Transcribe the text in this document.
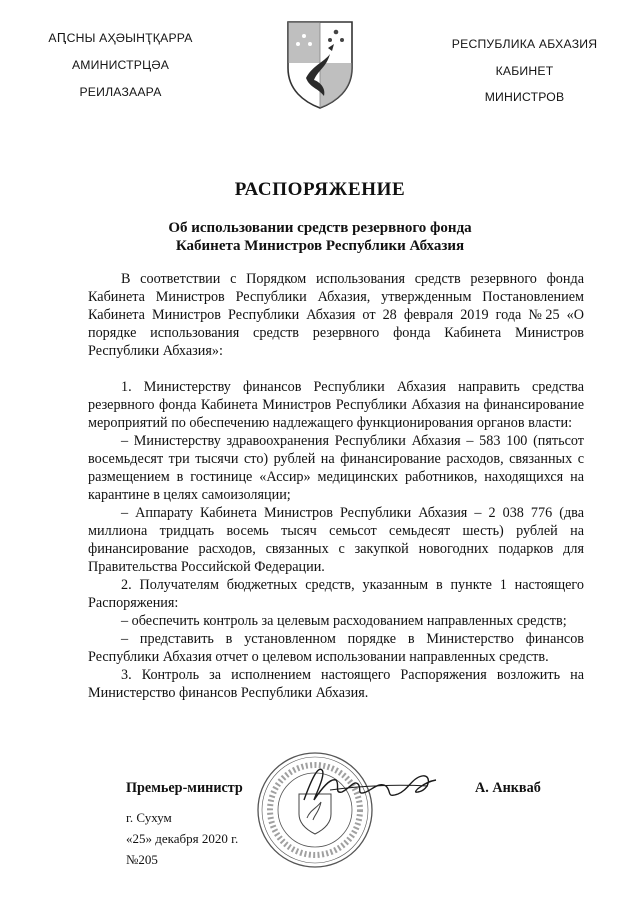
АԤСНЫ АҲӘЫНҬҚАРРА
АМИНИСТРЦӘА
РЕИЛАЗААРА
РЕСПУБЛИКА АБХАЗИЯ
КАБИНЕТ
МИНИСТРОВ
РАСПОРЯЖЕНИЕ
Об использовании средств резервного фонда
Кабинета Министров Республики Абхазия

В соответствии с Порядком использования средств резервного фонда Кабинета Министров Республики Абхазия, утвержденным Постановлением Кабинета Министров Республики Абхазия от 28 февраля 2019 года №25 «О порядке использования средств резервного фонда Кабинета Министров Республики Абхазия»:

1. Министерству финансов Республики Абхазия направить средства резервного фонда Кабинета Министров Республики Абхазия на финансирование мероприятий по обеспечению надлежащего функционирования органов власти:

– Министерству здравоохранения Республики Абхазия – 583 100 (пятьсот восемьдесят три тысячи сто) рублей на финансирование расходов, связанных с размещением в гостинице «Ассир» медицинских работников, находящихся на карантине в целях самоизоляции;

– Аппарату Кабинета Министров Республики Абхазия – 2 038 776 (два миллиона тридцать восемь тысяч семьсот семьдесят шесть) рублей на финансирование расходов, связанных с закупкой новогодних подарков для Правительства Российской Федерации.

2. Получателям бюджетных средств, указанным в пункте 1 настоящего Распоряжения:

– обеспечить контроль за целевым расходованием направленных средств;

– представить в установленном порядке в Министерство финансов Республики Абхазия отчет о целевом использовании направленных средств.

3. Контроль за исполнением настоящего Распоряжения возложить на Министерство финансов Республики Абхазия.

Премьер-министр	А. Анкваб
г. Сухум
«25» декабря 2020 г.
№205
